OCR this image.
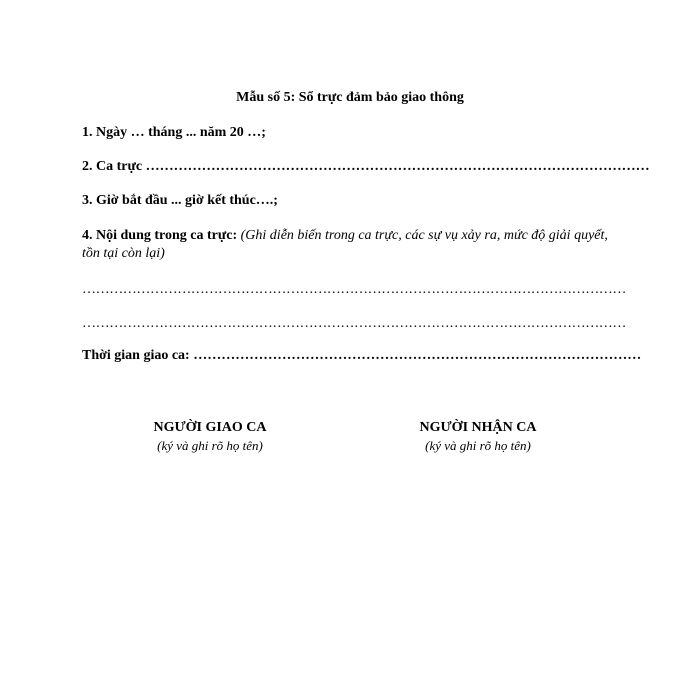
Mẫu số 5: Sổ trực đảm bảo giao thông
1. Ngày … tháng ... năm 20 …;
2. Ca trực ………………………………………………………………………………………………
3. Giờ bắt đầu ... giờ kết thúc….;
4. Nội dung trong ca trực: (Ghi diễn biến trong ca trực, các sự vụ xảy ra, mức độ giải quyết, tồn tại còn lại)
…………………………………………………………………………………………………………
…………………………………………………………………………………………………………
Thời gian giao ca: ……………………………………………………………………………………
NGƯỜI GIAO CA
(ký và ghi rõ họ tên)
NGƯỜI NHẬN CA
(ký và ghi rõ họ tên)
